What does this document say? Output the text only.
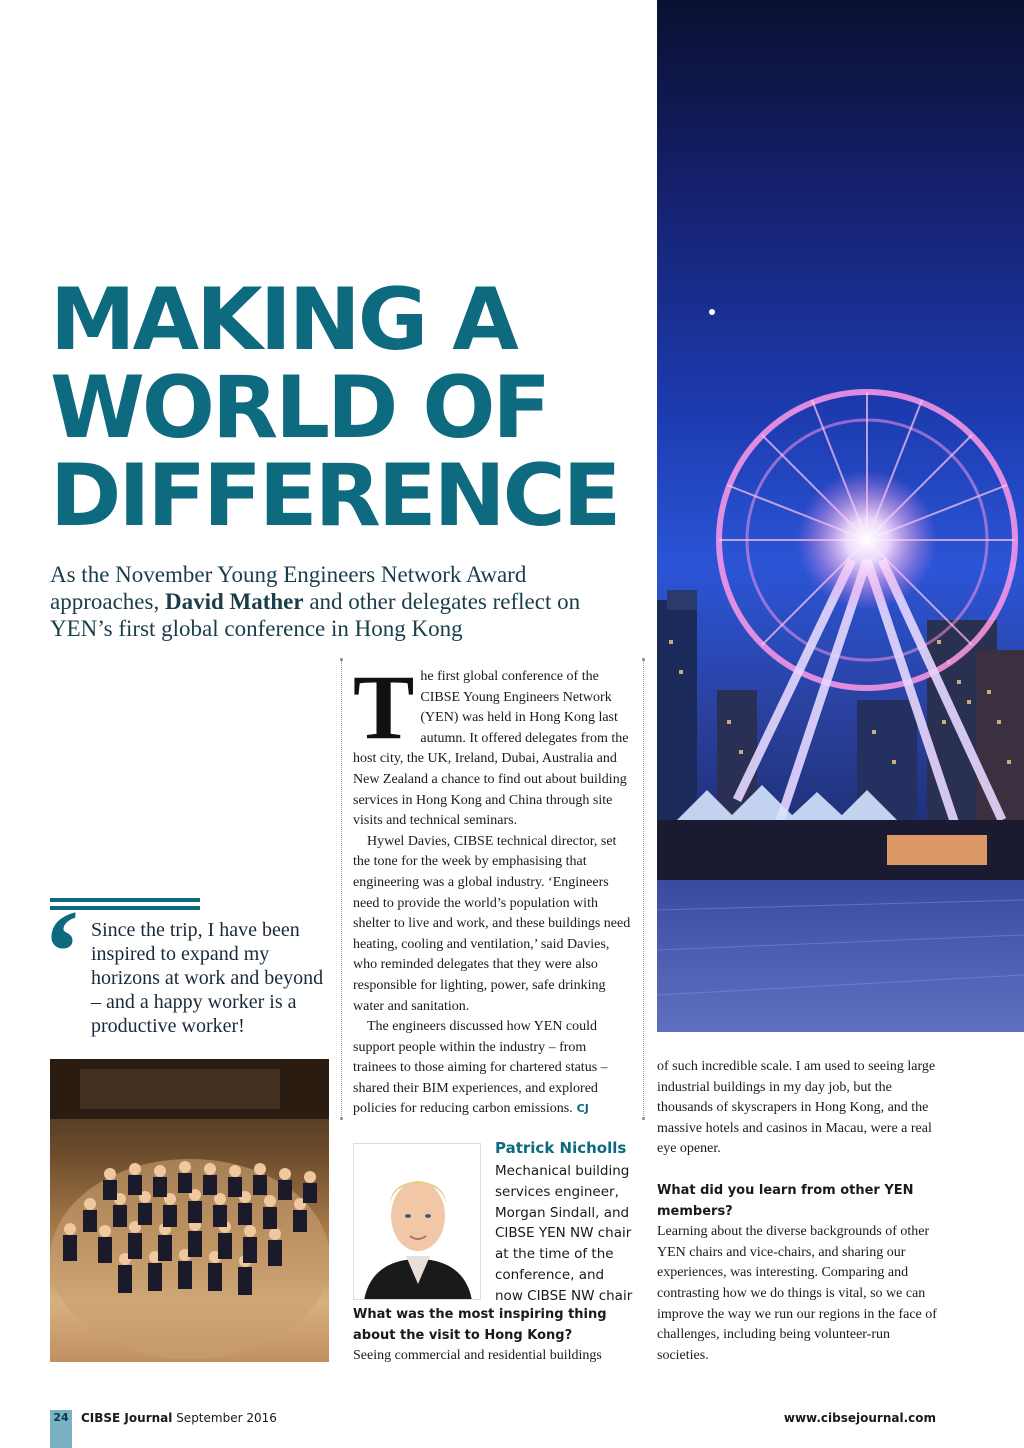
MAKING A
WORLD OF
DIFFERENCE
As the November Young Engineers Network Award approaches, David Mather and other delegates reflect on YEN’s first global conference in Hong Kong
‘ Since the trip, I have been inspired to expand my horizons at work and beyond – and a happy worker is a productive worker!

The first global conference of the CIBSE Young Engineers Network (YEN) was held in Hong Kong last autumn. It offered delegates from the host city, the UK, Ireland, Dubai, Australia and New Zealand a chance to find out about building services in Hong Kong and China through site visits and technical seminars.

Hywel Davies, CIBSE technical director, set the tone for the week by emphasising that engineering was a global industry. ‘Engineers need to provide the world’s population with shelter to live and work, and these buildings need heating, cooling and ventilation,’ said Davies, who reminded delegates that they were also responsible for lighting, power, safe drinking water and sanitation.

The engineers discussed how YEN could support people within the industry – from trainees to those aiming for chartered status – shared their BIM experiences, and explored policies for reducing carbon emissions. CJ

Patrick Nicholls
Mechanical building services engineer, Morgan Sindall, and CIBSE YEN NW chair at the time of the conference, and now CIBSE NW chair
What was the most inspiring thing about the visit to Hong Kong?
Seeing commercial and residential buildings

of such incredible scale. I am used to seeing large industrial buildings in my day job, but the thousands of skyscrapers in Hong Kong, and the massive hotels and casinos in Macau, were a real eye opener.

What did you learn from other YEN members?

Learning about the diverse backgrounds of other YEN chairs and vice-chairs, and sharing our experiences, was interesting. Comparing and contrasting how we do things is vital, so we can improve the way we run our regions in the face of challenges, including being volunteer-run societies.

24 CIBSE Journal September 2016	www.cibsejournal.com
